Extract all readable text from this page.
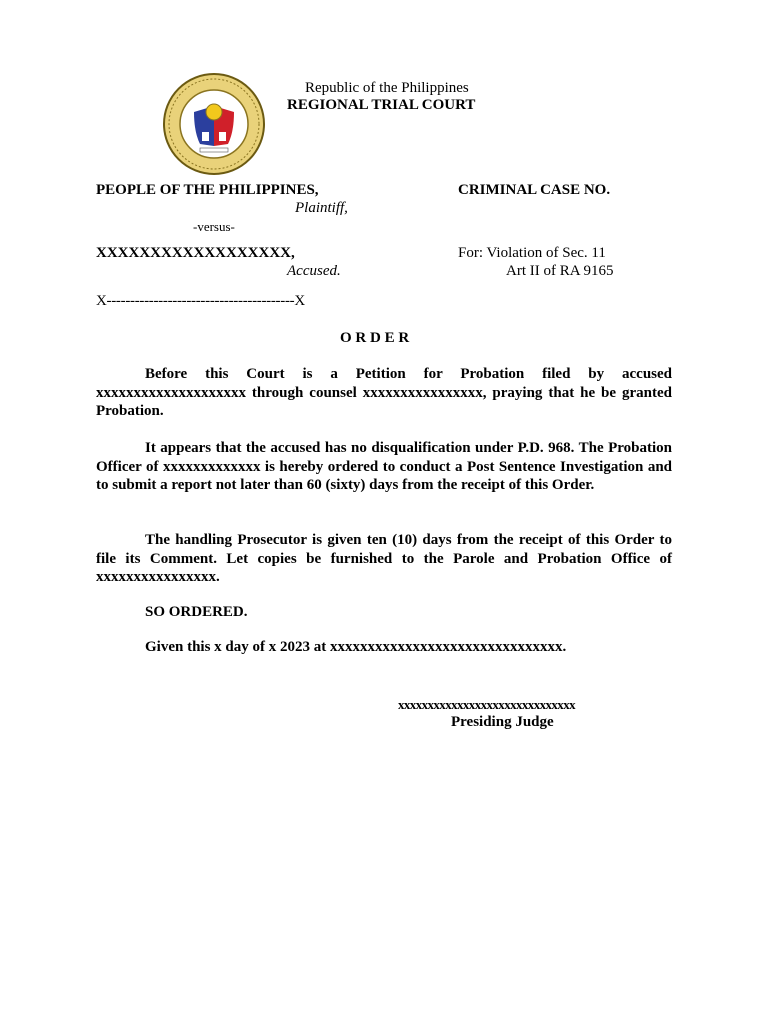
Republic of the Philippines
REGIONAL TRIAL COURT
PEOPLE OF THE PHILIPPINES,
Plaintiff,
-versus-
XXXXXXXXXXXXXXXXXX,
Accused.
CRIMINAL CASE NO.
For: Violation of Sec. 11
Art II of RA 9165
X----------------------------------------X
O R D E R
Before this Court is a Petition for Probation filed by accused xxxxxxxxxxxxxxxxxxxx through counsel xxxxxxxxxxxxxxxx, praying that he be granted Probation.
It appears that the accused has no disqualification under P.D. 968. The Probation Officer of xxxxxxxxxxxxx is hereby ordered to conduct a Post Sentence Investigation and to submit a report not later than 60 (sixty) days from the receipt of this Order.
The handling Prosecutor is given ten (10) days from the receipt of this Order to file its Comment. Let copies be furnished to the Parole and Probation Office of xxxxxxxxxxxxxxxx.
SO ORDERED.
Given this x day of x 2023 at xxxxxxxxxxxxxxxxxxxxxxxxxxxxxxx.
xxxxxxxxxxxxxxxxxxxxxxxxxxxxxx
Presiding Judge
